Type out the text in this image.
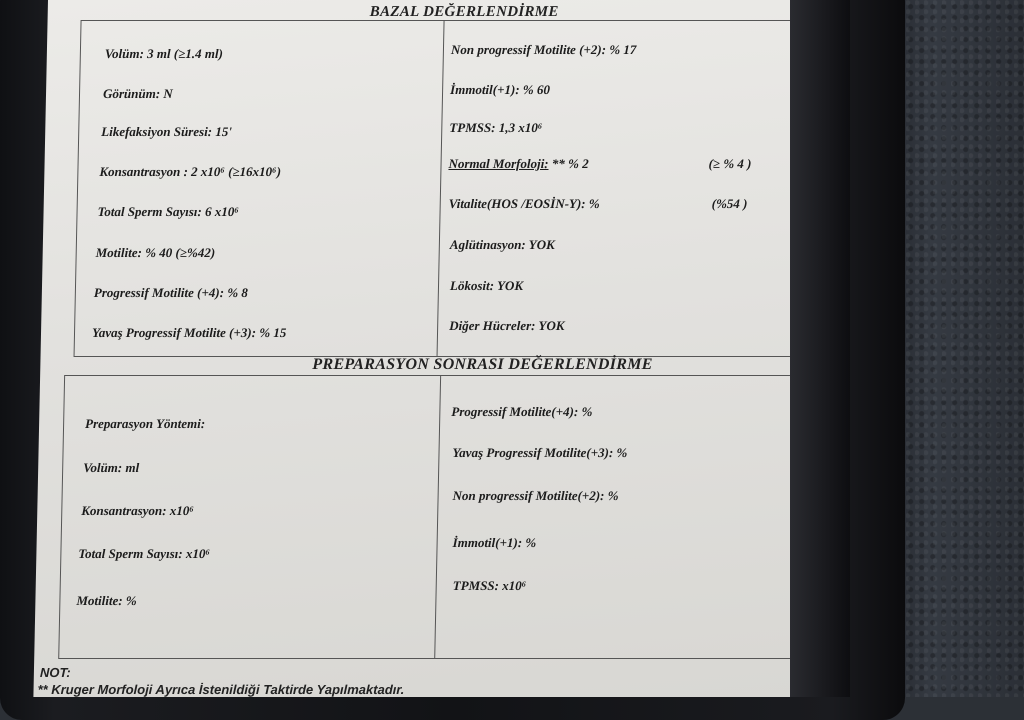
BAZAL DEĞERLENDİRME
Volüm: 3 ml (≥1.4 ml)
Görünüm: N
Likefaksiyon Süresi: 15'
Konsantrasyon : 2 x10⁶ (≥16x10⁶)
Total Sperm Sayısı: 6 x10⁶
Motilite: % 40 (≥%42)
Progressif Motilite (+4): % 8
Yavaş Progressif Motilite (+3): % 15
Non progressif Motilite (+2): % 17
İmmotil(+1): % 60
TPMSS: 1,3 x10⁶
Normal Morfoloji: ** % 2	(≥ % 4 )
Vitalite(HOS /EOSİN-Y): %	(%54 )
Aglütinasyon: YOK
Lökosit: YOK
Diğer Hücreler: YOK
PREPARASYON SONRASI DEĞERLENDİRME
Preparasyon Yöntemi:
Volüm: ml
Konsantrasyon: x10⁶
Total Sperm Sayısı: x10⁶
Motilite: %
Progressif Motilite(+4): %
Yavaş Progressif Motilite(+3): %
Non progressif Motilite(+2): %
İmmotil(+1): %
TPMSS: x10⁶
NOT:
** Kruger Morfoloji Ayrıca İstenildiği Taktirde Yapılmaktadır.
